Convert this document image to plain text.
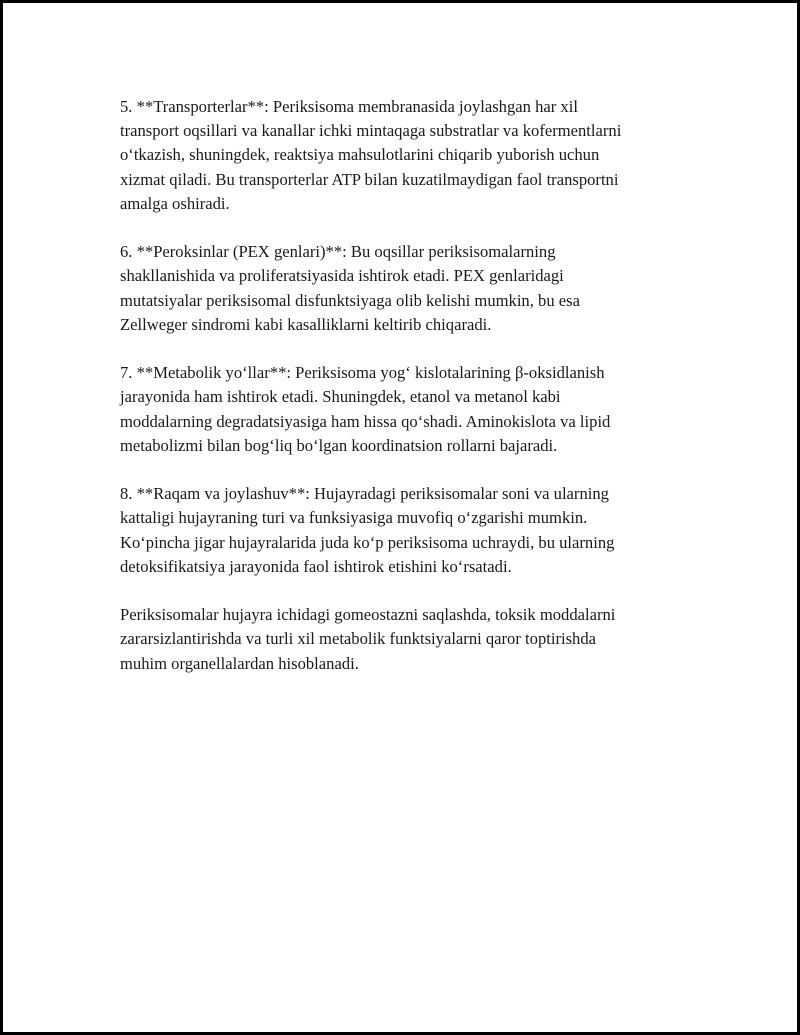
5. **Transporterlar**: Periksisoma membranasida joylashgan har xil
transport oqsillari va kanallar ichki mintaqaga substratlar va kofermentlarni
o‘tkazish, shuningdek, reaktsiya mahsulotlarini chiqarib yuborish uchun
xizmat qiladi. Bu transporterlar ATP bilan kuzatilmaydigan faol transportni
amalga oshiradi.

6. **Peroksinlar (PEX genlari)**: Bu oqsillar periksisomalarning
shakllanishida va proliferatsiyasida ishtirok etadi. PEX genlaridagi
mutatsiyalar periksisomal disfunktsiyaga olib kelishi mumkin, bu esa
Zellweger sindromi kabi kasalliklarni keltirib chiqaradi.

7. **Metabolik yo‘llar**: Periksisoma yog‘ kislotalarining β-oksidlanish
jarayonida ham ishtirok etadi. Shuningdek, etanol va metanol kabi
moddalarning degradatsiyasiga ham hissa qo‘shadi. Aminokislota va lipid
metabolizmi bilan bog‘liq bo‘lgan koordinatsion rollarni bajaradi.

8. **Raqam va joylashuv**: Hujayradagi periksisomalar soni va ularning
kattaligi hujayraning turi va funksiyasiga muvofiq o‘zgarishi mumkin.
Ko‘pincha jigar hujayralarida juda ko‘p periksisoma uchraydi, bu ularning
detoksifikatsiya jarayonida faol ishtirok etishini ko‘rsatadi.

Periksisomalar hujayra ichidagi gomeostazni saqlashda, toksik moddalarni
zararsizlantirishda va turli xil metabolik funktsiyalarni qaror toptirishda
muhim organellalardan hisoblanadi.
